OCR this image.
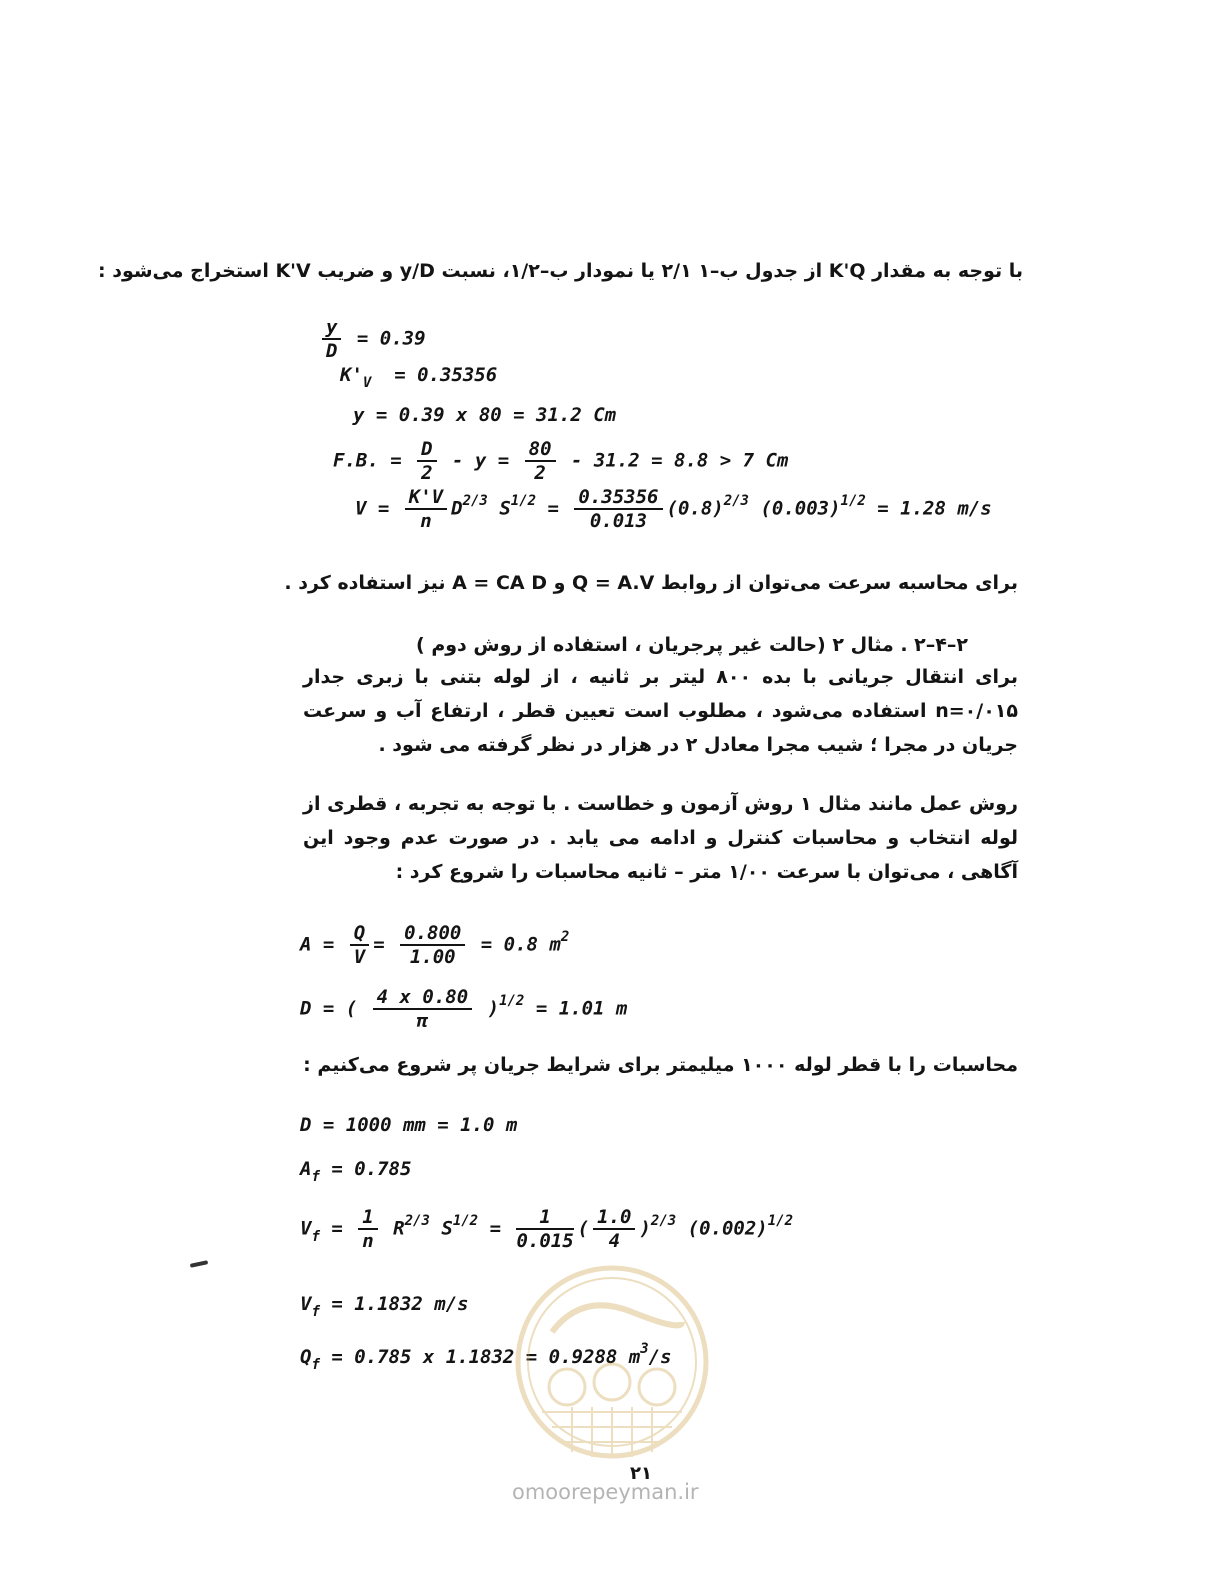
با توجه به مقدار K'Q از جدول ب–۱ ۲/۱ یا نمودار ب–۱/۲، نسبت y/D و ضریب K'V استخراج می‌شود :
$\frac{y}{D} = 0.39$
$K'_V = 0.35356$
y = 0.39 x 80 = 31.2 Cm
F.B. = $\frac{D}{2} - y = \frac{80}{2} - 31.2 = 8.8 > 7$ Cm
$V = \frac{K'V}{n} D^{2/3}$ $S^{1/2} = \frac{0.35356}{0.013} (0.8)^{2/3}$ $(0.003)^{1/2} = 1.28$ m/s
برای محاسبه سرعت می‌توان از روابط Q = A.V و A = CA D نیز استفاده کرد .
۲–۴–۲ . مثال ۲ (حالت غیر پرجریان ، استفاده از روش دوم )
برای انتقال جریانی با بده ۸۰۰ لیتر بر ثانیه ، از لوله بتنی با زبری جدار n=۰/۰۱۵ استفاده می‌شود ، مطلوب است تعیین قطر ، ارتفاع آب و سرعت جریان در مجرا ؛ شیب مجرا معادل ۲ در هزار در نظر گرفته می شود .
روش عمل مانند مثال ۱ روش آزمون و خطاست . با توجه به تجربه ، قطری از لوله انتخاب و محاسبات کنترل و ادامه می یابد . در صورت عدم وجود این آگاهی ، می‌توان با سرعت ۱/۰۰ متر – ثانیه محاسبات را شروع کرد :
$A = \frac{Q}{V} = \frac{0.800}{1.00} = 0.8$ $m^2$
D = ( $\frac{4 x 0.80}{\pi} )^{1/2} = 1.01$ m
محاسبات را با قطر لوله ۱۰۰۰ میلیمتر برای شرایط جریان پر شروع می‌کنیم :
D = 1000 mm = 1.0 m
$A_f = 0.785$
$V_f = \frac{1}{n} R^{2/3}$ $S^{1/2} = \frac{1}{0.015}$ ( $\frac{1.0}{4} )^{2/3}$ $(0.002)^{1/2}$
$V_f = 1.1832$ m/s
$Q_f = 0.785$ x 1.1832 = 0.9288 $m^3/s$
۲۱
omoorepeyman.ir
